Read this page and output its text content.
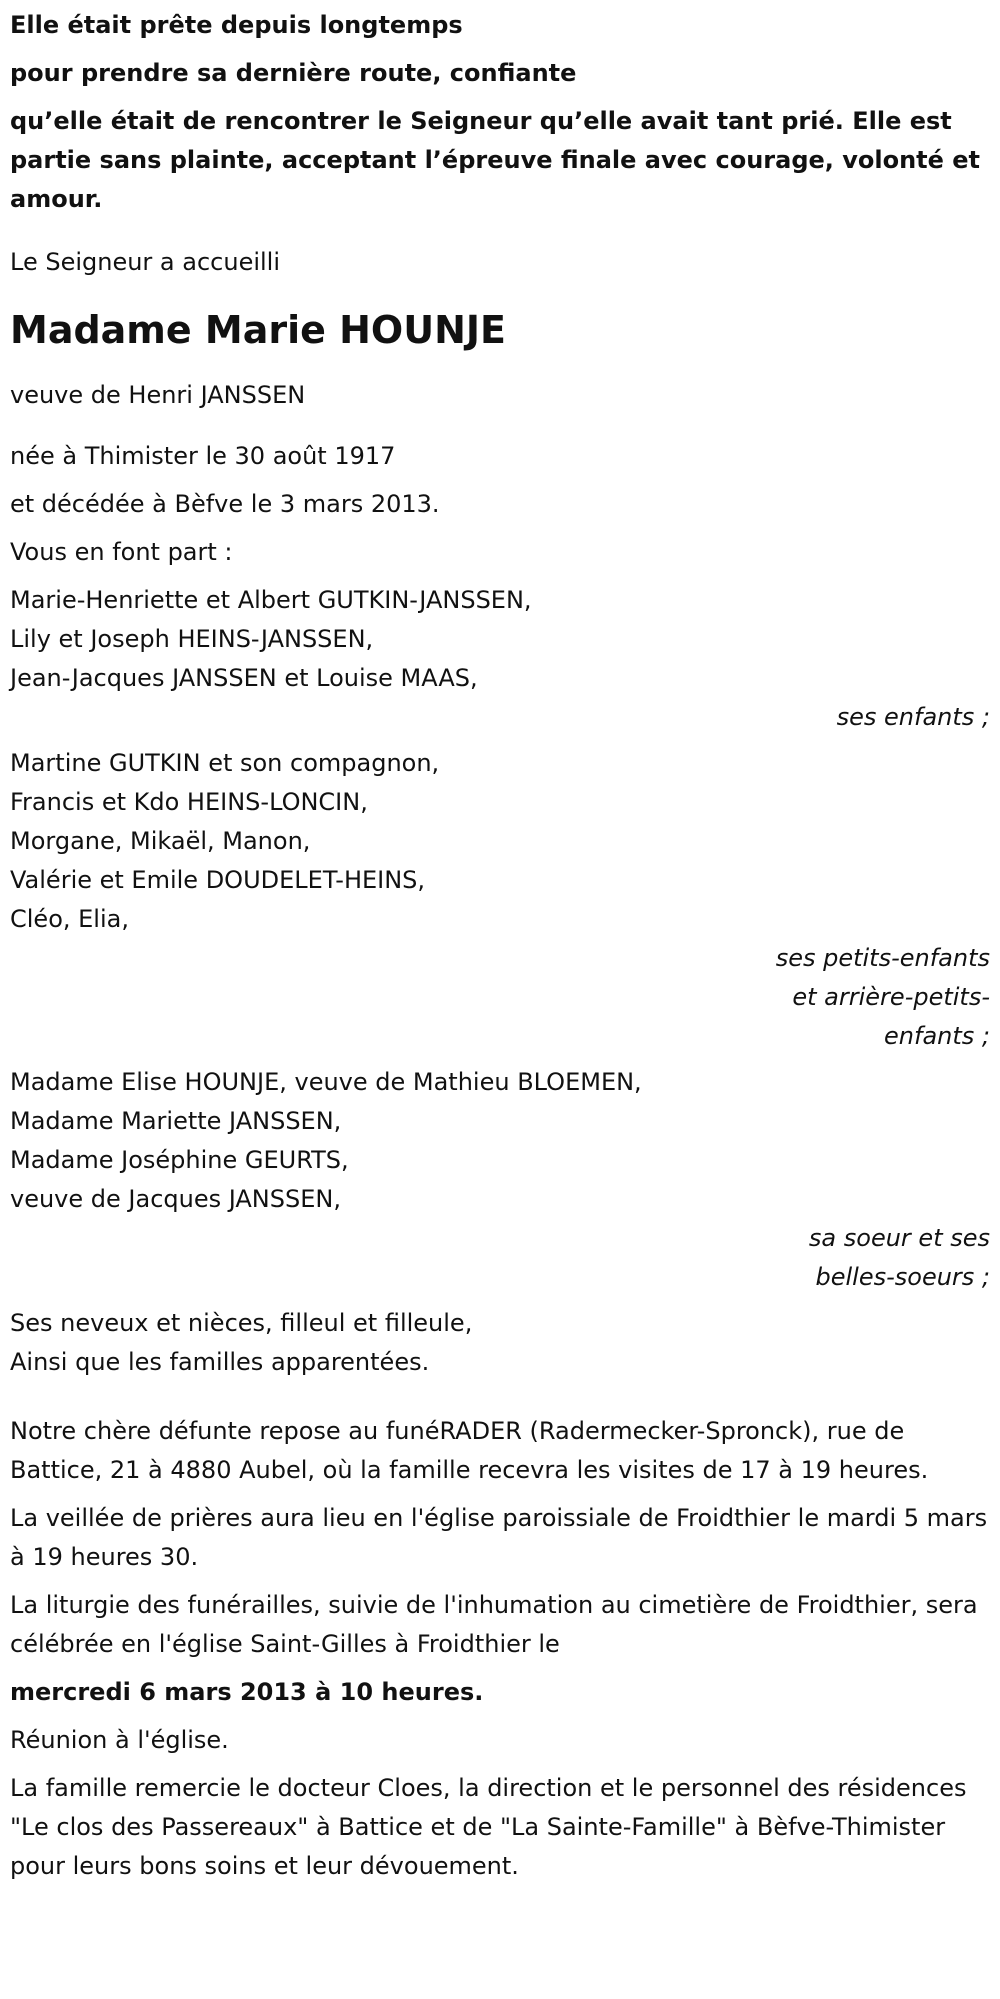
Elle était prête depuis longtemps

pour prendre sa dernière route, confiante

qu’elle était de rencontrer le Seigneur qu’elle avait tant prié. Elle est partie sans plainte, acceptant l’épreuve finale avec courage, volonté et amour.

Le Seigneur a accueilli

Madame Marie HOUNJE

veuve de Henri JANSSEN

née à Thimister le 30 août 1917

et décédée à Bèfve le 3 mars 2013.

Vous en font part :

Marie-Henriette et Albert GUTKIN-JANSSEN,
Lily et Joseph HEINS-JANSSEN,
Jean-Jacques JANSSEN et Louise MAAS,
ses enfants ;
Martine GUTKIN et son compagnon,
Francis et Kdo HEINS-LONCIN,
Morgane, Mikaël, Manon,
Valérie et Emile DOUDELET-HEINS,
Cléo, Elia,
ses petits-enfants
et arrière-petits-
enfants ;
Madame Elise HOUNJE, veuve de Mathieu BLOEMEN,
Madame Mariette JANSSEN,
Madame Joséphine GEURTS,
veuve de Jacques JANSSEN,
sa soeur et ses
belles-soeurs ;
Ses neveux et nièces, filleul et filleule,
Ainsi que les familles apparentées.

Notre chère défunte repose au funéRADER (Radermecker-Spronck), rue de Battice, 21 à 4880 Aubel, où la famille recevra les visites de 17 à 19 heures.

La veillée de prières aura lieu en l'église paroissiale de Froidthier le mardi 5 mars à 19 heures 30.

La liturgie des funérailles, suivie de l'inhumation au cimetière de Froidthier, sera célébrée en l'église Saint-Gilles à Froidthier le

mercredi 6 mars 2013 à 10 heures.

Réunion à l'église.

La famille remercie le docteur Cloes, la direction et le personnel des résidences "Le clos des Passereaux" à Battice et de "La Sainte-Famille" à Bèfve-Thimister pour leurs bons soins et leur dévouement.
